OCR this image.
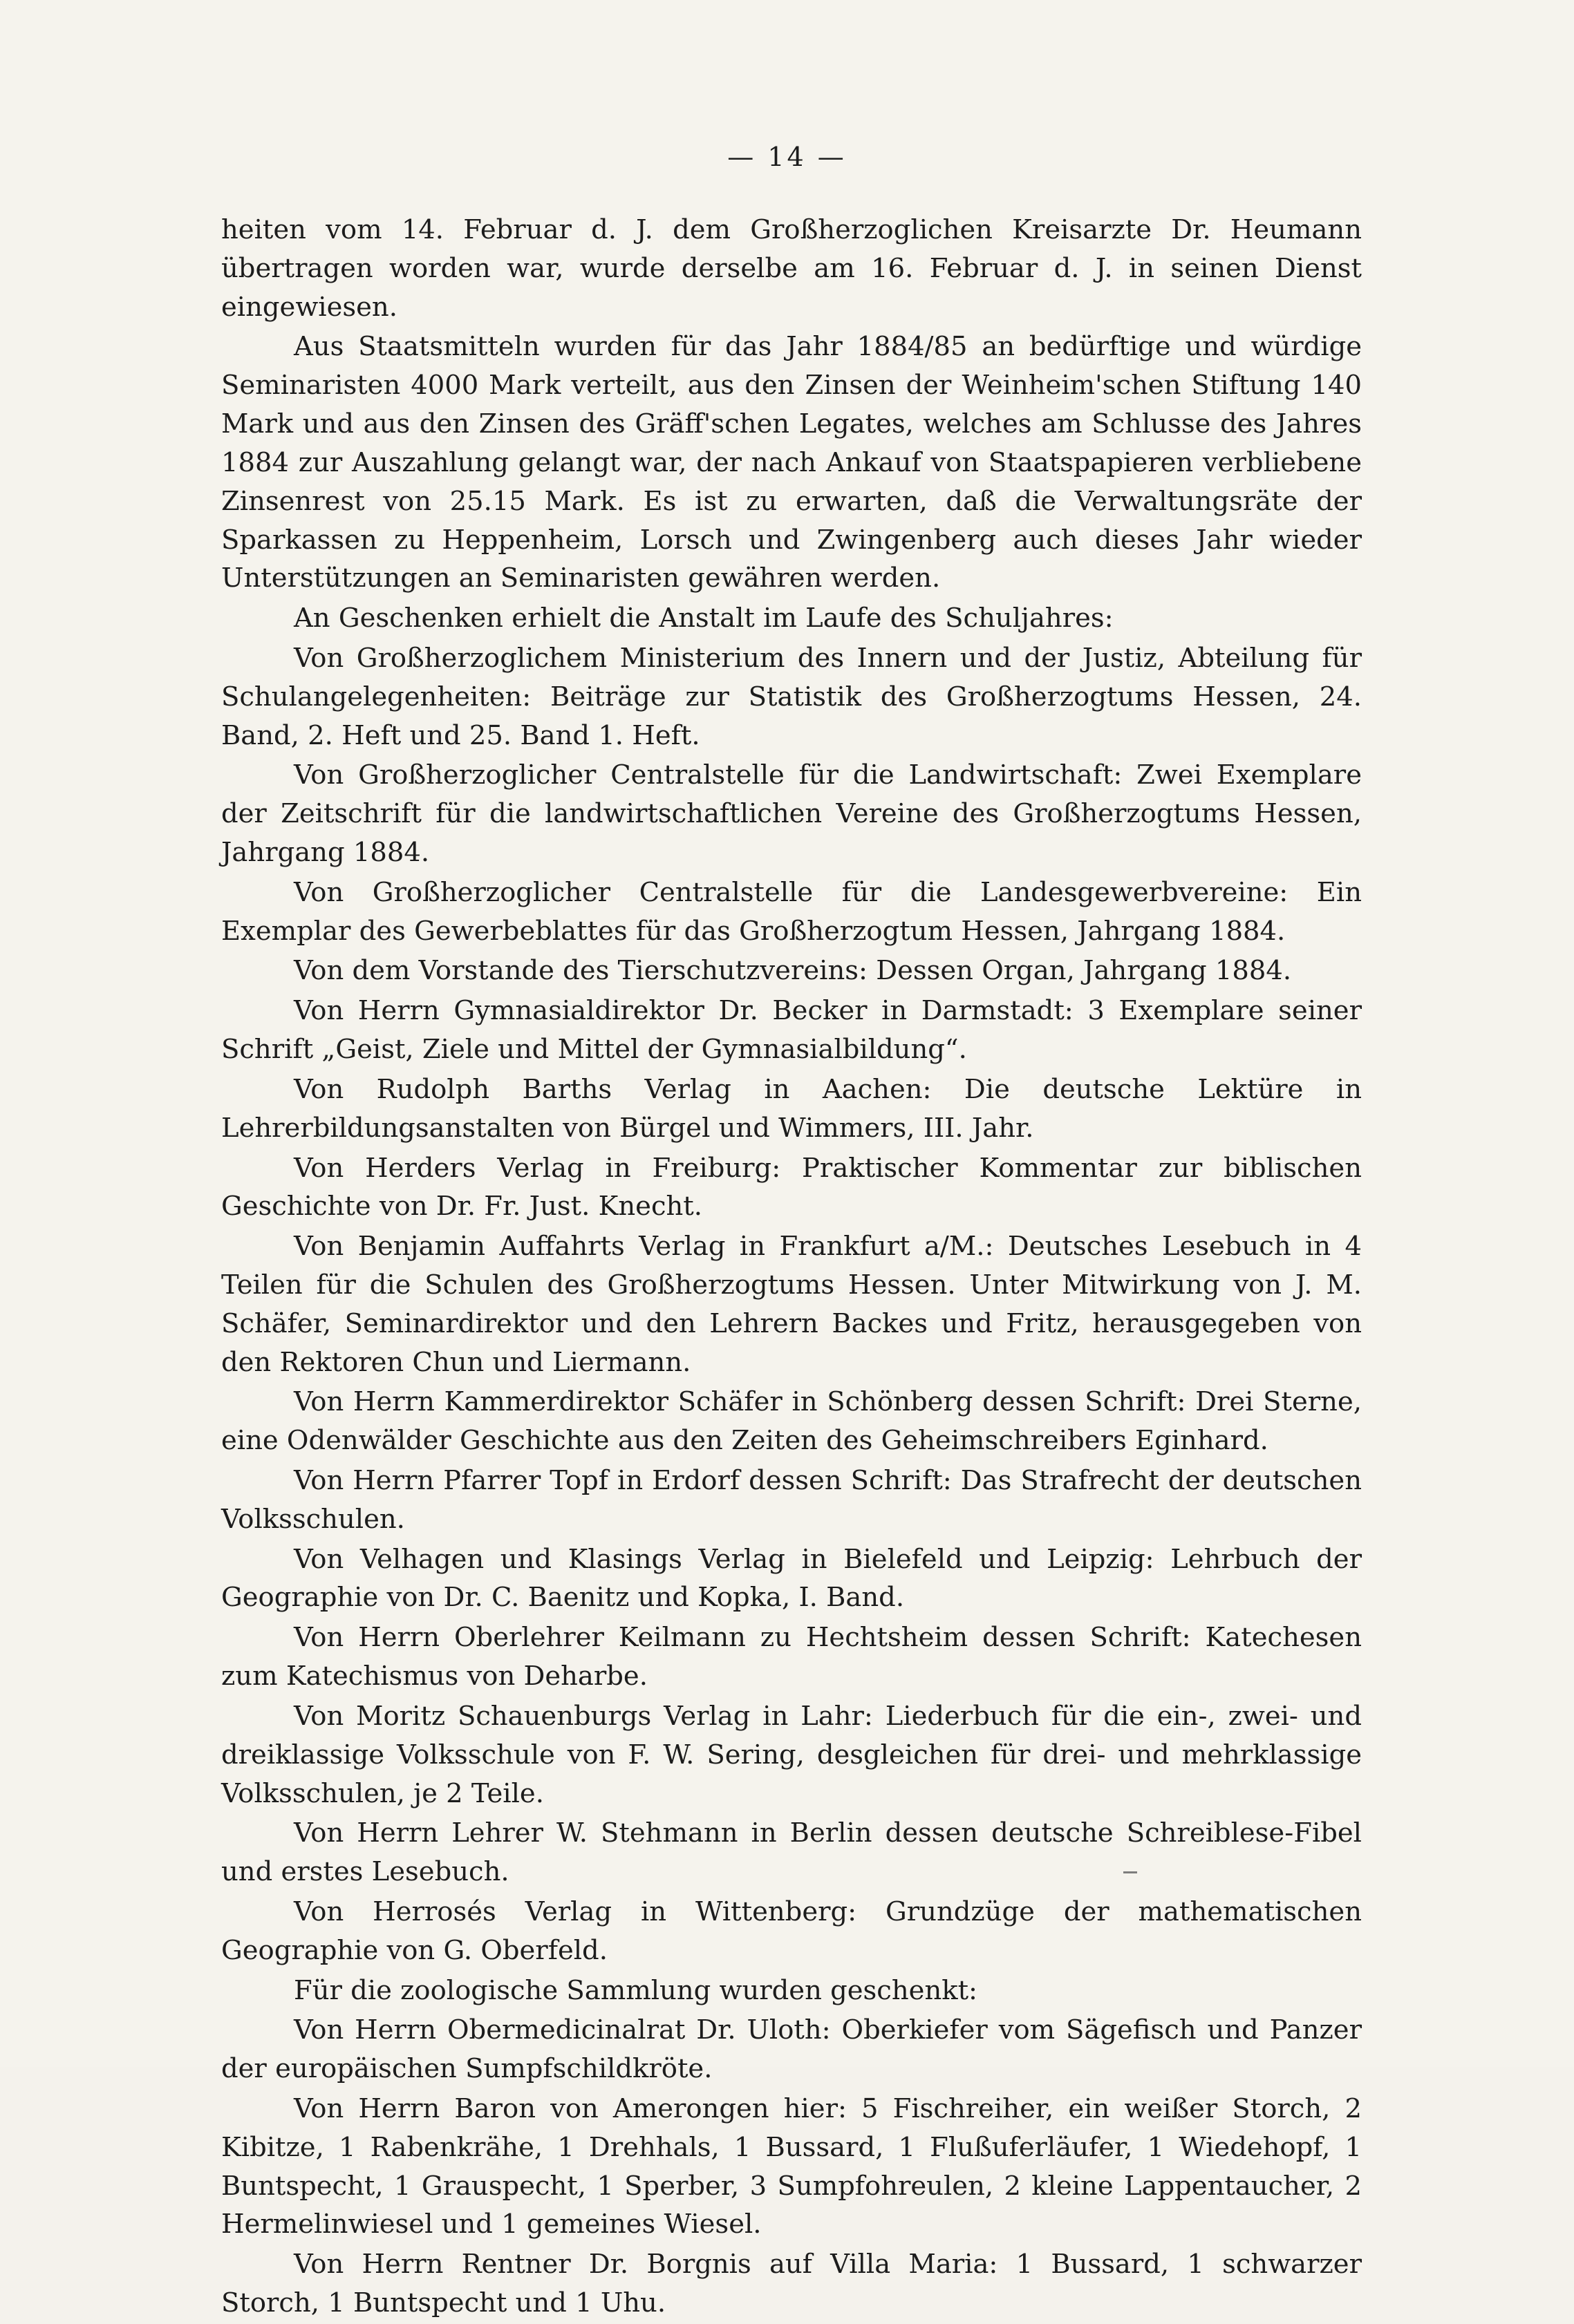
— 14 —

heiten vom 14. Februar d. J. dem Großherzoglichen Kreisarzte Dr. Heumann übertragen worden war, wurde derselbe am 16. Februar d. J. in seinen Dienst eingewiesen.

Aus Staatsmitteln wurden für das Jahr 1884/85 an bedürftige und würdige Seminaristen 4000 Mark verteilt, aus den Zinsen der Weinheim'schen Stiftung 140 Mark und aus den Zinsen des Gräff'schen Legates, welches am Schlusse des Jahres 1884 zur Auszahlung gelangt war, der nach Ankauf von Staatspapieren verbliebene Zinsenrest von 25.15 Mark. Es ist zu erwarten, daß die Verwaltungsräte der Sparkassen zu Heppenheim, Lorsch und Zwingenberg auch dieses Jahr wieder Unterstützungen an Seminaristen gewähren werden.

An Geschenken erhielt die Anstalt im Laufe des Schuljahres:

Von Großherzoglichem Ministerium des Innern und der Justiz, Abteilung für Schulangelegenheiten: Beiträge zur Statistik des Großherzogtums Hessen, 24. Band, 2. Heft und 25. Band 1. Heft.

Von Großherzoglicher Centralstelle für die Landwirtschaft: Zwei Exemplare der Zeitschrift für die landwirtschaftlichen Vereine des Großherzogtums Hessen, Jahrgang 1884.

Von Großherzoglicher Centralstelle für die Landesgewerbvereine: Ein Exemplar des Gewerbeblattes für das Großherzogtum Hessen, Jahrgang 1884.

Von dem Vorstande des Tierschutzvereins: Dessen Organ, Jahrgang 1884.

Von Herrn Gymnasialdirektor Dr. Becker in Darmstadt: 3 Exemplare seiner Schrift „Geist, Ziele und Mittel der Gymnasialbildung“.

Von Rudolph Barths Verlag in Aachen: Die deutsche Lektüre in Lehrerbildungsanstalten von Bürgel und Wimmers, III. Jahr.

Von Herders Verlag in Freiburg: Praktischer Kommentar zur biblischen Geschichte von Dr. Fr. Just. Knecht.

Von Benjamin Auffahrts Verlag in Frankfurt a/M.: Deutsches Lesebuch in 4 Teilen für die Schulen des Großherzogtums Hessen. Unter Mitwirkung von J. M. Schäfer, Seminardirektor und den Lehrern Backes und Fritz, herausgegeben von den Rektoren Chun und Liermann.

Von Herrn Kammerdirektor Schäfer in Schönberg dessen Schrift: Drei Sterne, eine Odenwälder Geschichte aus den Zeiten des Geheimschreibers Eginhard.

Von Herrn Pfarrer Topf in Erdorf dessen Schrift: Das Strafrecht der deutschen Volksschulen.

Von Velhagen und Klasings Verlag in Bielefeld und Leipzig: Lehrbuch der Geographie von Dr. C. Baenitz und Kopka, I. Band.

Von Herrn Oberlehrer Keilmann zu Hechtsheim dessen Schrift: Katechesen zum Katechismus von Deharbe.

Von Moritz Schauenburgs Verlag in Lahr: Liederbuch für die ein-, zwei- und dreiklassige Volksschule von F. W. Sering, desgleichen für drei- und mehrklassige Volksschulen, je 2 Teile.

Von Herrn Lehrer W. Stehmann in Berlin dessen deutsche Schreiblese-Fibel und erstes Lesebuch.

Von Herrosés Verlag in Wittenberg: Grundzüge der mathematischen Geographie von G. Oberfeld.

Für die zoologische Sammlung wurden geschenkt:

Von Herrn Obermedicinalrat Dr. Uloth: Oberkiefer vom Sägefisch und Panzer der europäischen Sumpfschildkröte.

Von Herrn Baron von Amerongen hier: 5 Fischreiher, ein weißer Storch, 2 Kibitze, 1 Rabenkrähe, 1 Drehhals, 1 Bussard, 1 Flußuferläufer, 1 Wiedehopf, 1 Buntspecht, 1 Grauspecht, 1 Sperber, 3 Sumpfohreulen, 2 kleine Lappentaucher, 2 Hermelinwiesel und 1 gemeines Wiesel.

Von Herrn Rentner Dr. Borgnis auf Villa Maria: 1 Bussard, 1 schwarzer Storch, 1 Buntspecht und 1 Uhu.
